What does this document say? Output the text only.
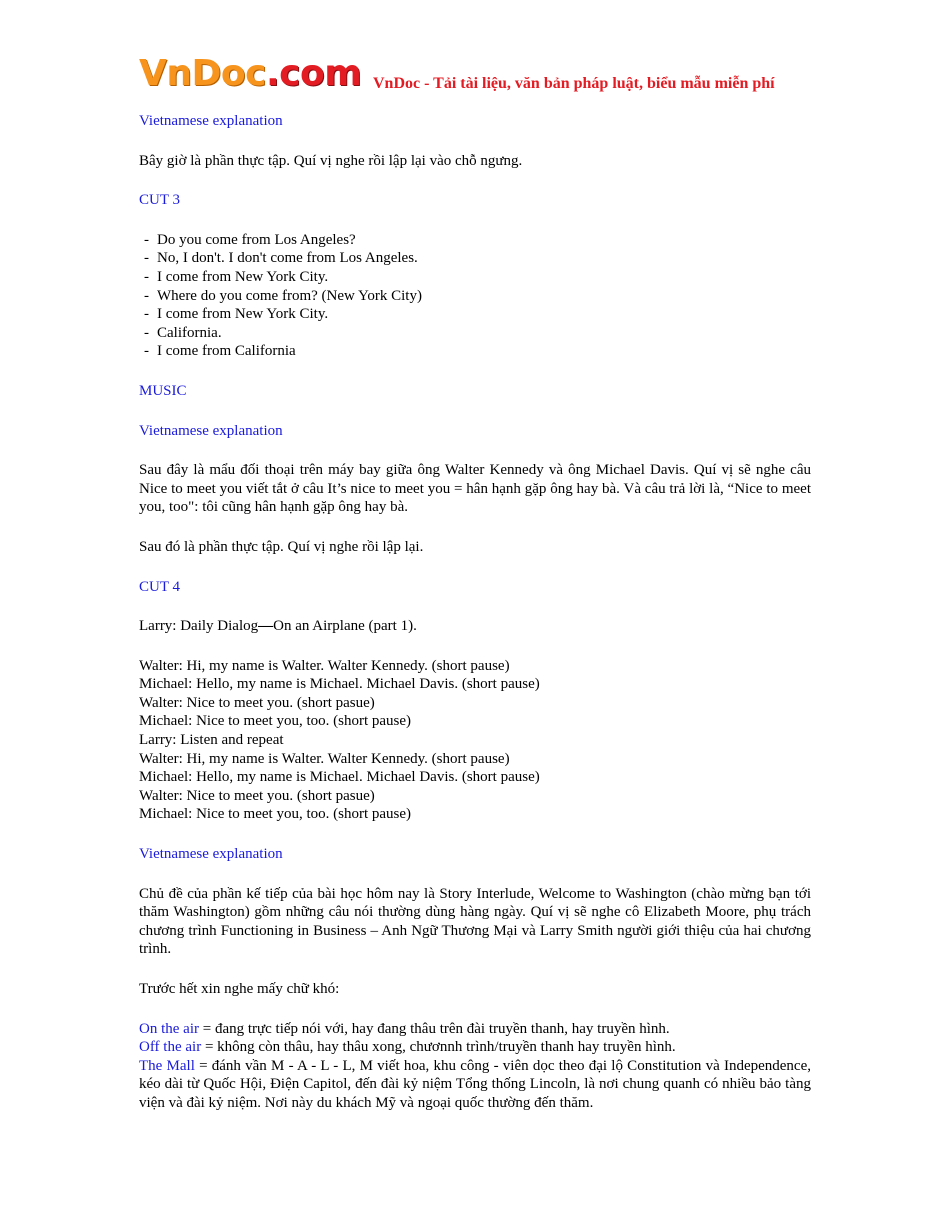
VnDoc.com VnDoc - Tải tài liệu, văn bản pháp luật, biểu mẫu miễn phí

Vietnamese explanation

Bây giờ là phần thực tập. Quí vị nghe rồi lập lại vào chỗ ngưng.

CUT 3

- Do you come from Los Angeles?
- No, I don't. I don't come from Los Angeles.
- I come from New York City.
- Where do you come from? (New York City)
- I come from New York City.
- California.
- I come from California

MUSIC

Vietnamese explanation

Sau đây là mẩu đối thoại trên máy bay giữa ông Walter Kennedy và ông Michael Davis. Quí vị sẽ nghe câu Nice to meet you viết tắt ở câu It’s nice to meet you = hân hạnh gặp ông hay bà. Và câu trả lời là, “Nice to meet you, too": tôi cũng hân hạnh gặp ông hay bà.

Sau đó là phần thực tập. Quí vị nghe rồi lập lại.

CUT 4

Larry: Daily Dialog—On an Airplane (part 1).

Walter: Hi, my name is Walter. Walter Kennedy. (short pause)
Michael: Hello, my name is Michael. Michael Davis. (short pause)
Walter: Nice to meet you. (short pasue)
Michael: Nice to meet you, too. (short pause)
Larry: Listen and repeat
Walter: Hi, my name is Walter. Walter Kennedy. (short pause)
Michael: Hello, my name is Michael. Michael Davis. (short pause)
Walter: Nice to meet you. (short pasue)
Michael: Nice to meet you, too. (short pause)

Vietnamese explanation

Chủ đề của phần kế tiếp của bài học hôm nay là Story Interlude, Welcome to Washington (chào mừng bạn tới thăm Washington) gồm những câu nói thường dùng hàng ngày. Quí vị sẽ nghe cô Elizabeth Moore, phụ trách chương trình Functioning in Business – Anh Ngữ Thương Mại và Larry Smith người giới thiệu của hai chương trình.

Trước hết xin nghe mấy chữ khó:

On the air = đang trực tiếp nói với, hay đang thâu trên đài truyền thanh, hay truyền hình.

Off the air = không còn thâu, hay thâu xong, chươnnh trình/truyền thanh hay truyền hình.

The Mall = đánh vần M - A - L - L, M viết hoa, khu công - viên dọc theo đại lộ Constitution và Independence, kéo dài từ Quốc Hội, Điện Capitol, đến đài kỷ niệm Tổng thống Lincoln, là nơi chung quanh có nhiều bảo tàng viện và đài kỷ niệm. Nơi này du khách Mỹ và ngoại quốc thường đến thăm.
